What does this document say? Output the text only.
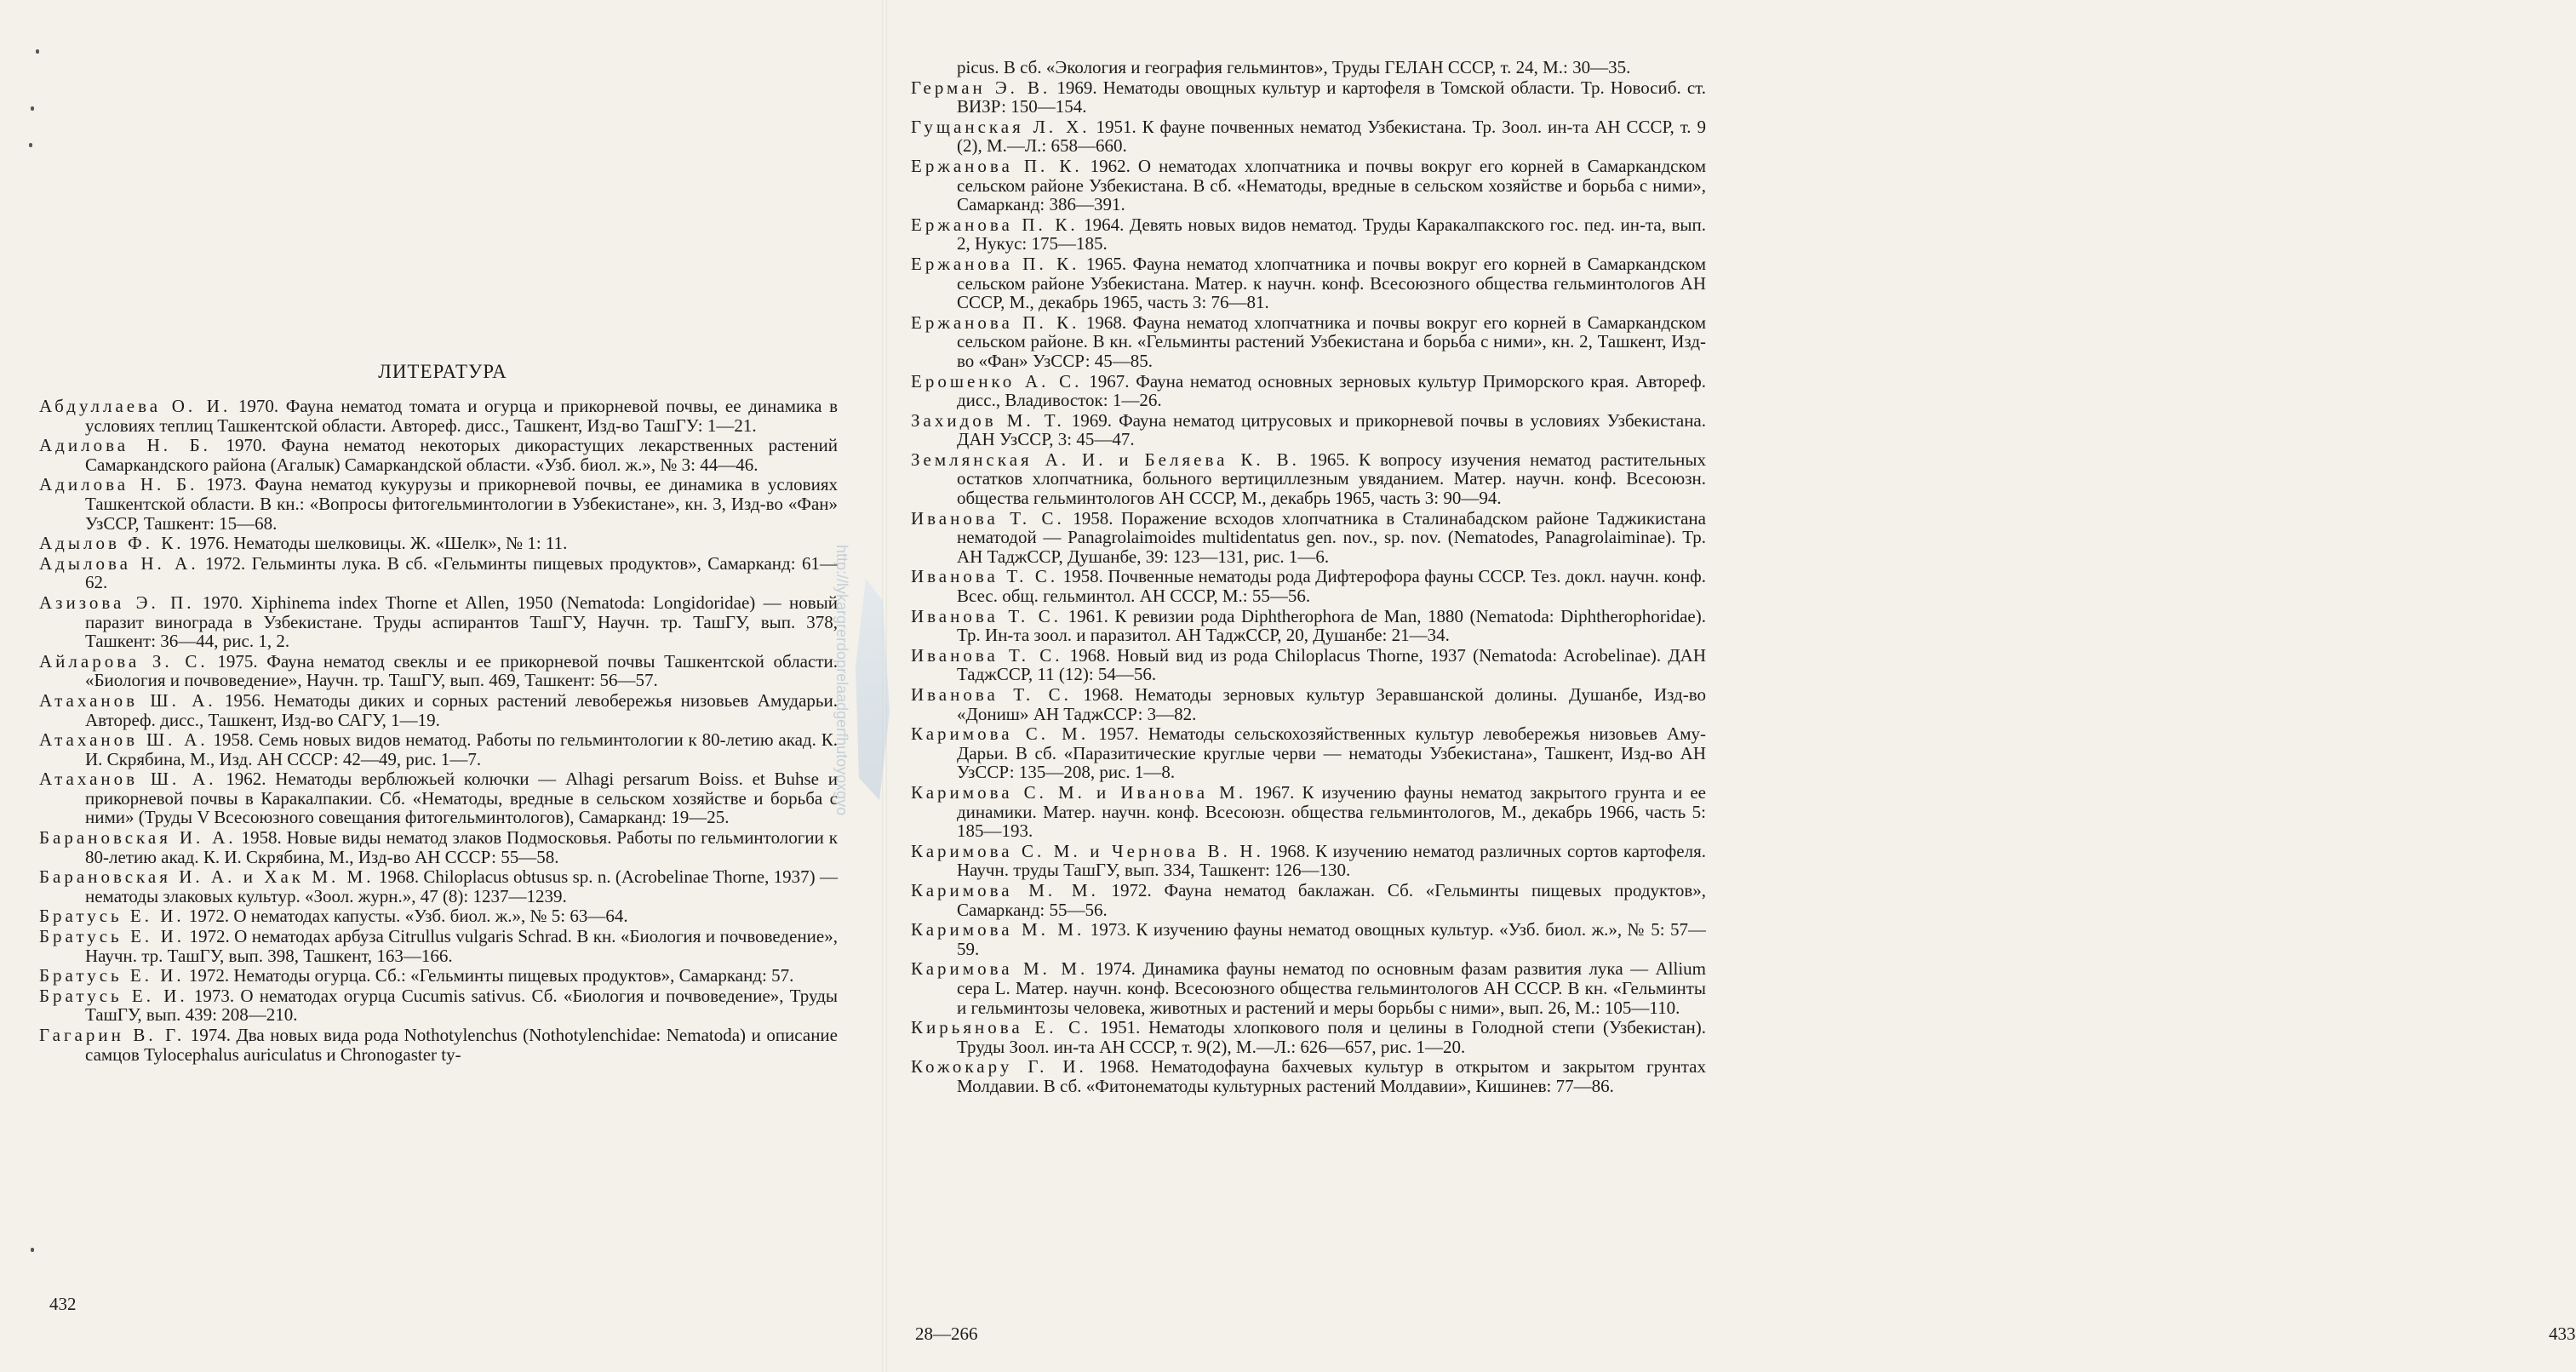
ЛИТЕРАТУРА

Абдуллаева О. И. 1970. Фауна нематод томата и огурца и прикорневой почвы, ее динамика в условиях теплиц Ташкентской области. Автореф. дисс., Ташкент, Изд-во ТашГУ: 1—21.

Адилова Н. Б. 1970. Фауна нематод некоторых дикорастущих лекарственных растений Самаркандского района (Агалык) Самаркандской области. «Узб. биол. ж.», № 3: 44—46.

Адилова Н. Б. 1973. Фауна нематод кукурузы и прикорневой почвы, ее динамика в условиях Ташкентской области. В кн.: «Вопросы фитогельминтологии в Узбекистане», кн. 3, Изд-во «Фан» УзССР, Ташкент: 15—68.

Адылов Ф. К. 1976. Нематоды шелковицы. Ж. «Шелк», № 1: 11.

Адылова Н. А. 1972. Гельминты лука. В сб. «Гельминты пищевых продуктов», Самарканд: 61—62.

Азизова Э. П. 1970. Xiphinema index Thorne et Allen, 1950 (Nematoda: Longidoridae) — новый паразит винограда в Узбекистане. Труды аспирантов ТашГУ, Научн. тр. ТашГУ, вып. 378, Ташкент: 36—44, рис. 1, 2.

Айларова З. С. 1975. Фауна нематод свеклы и ее прикорневой почвы Ташкентской области. «Биология и почвоведение», Научн. тр. ТашГУ, вып. 469, Ташкент: 56—57.

Атаханов Ш. А. 1956. Нематоды диких и сорных растений левобережья низовьев Амударьи. Автореф. дисс., Ташкент, Изд-во САГУ, 1—19.

Атаханов Ш. А. 1958. Семь новых видов нематод. Работы по гельминтологии к 80-летию акад. К. И. Скрябина, М., Изд. АН СССР: 42—49, рис. 1—7.

Атаханов Ш. А. 1962. Нематоды верблюжьей колючки — Alhagi persarum Boiss. et Buhse и прикорневой почвы в Каракалпакии. Сб. «Нематоды, вредные в сельском хозяйстве и борьба с ними» (Труды V Всесоюзного совещания фитогельминтологов), Самарканд: 19—25.

Барановская И. А. 1958. Новые виды нематод злаков Подмосковья. Работы по гельминтологии к 80-летию акад. К. И. Скрябина, М., Изд-во АН СССР: 55—58.

Барановская И. А. и Хак М. М. 1968. Chiloplacus obtusus sp. n. (Acrobelinae Thorne, 1937) — нематоды злаковых культур. «Зоол. журн.», 47 (8): 1237—1239.

Братусь Е. И. 1972. О нематодах капусты. «Узб. биол. ж.», № 5: 63—64.

Братусь Е. И. 1972. О нематодах арбуза Citrullus vulgaris Schrad. В кн. «Биология и почвоведение», Научн. тр. ТашГУ, вып. 398, Ташкент, 163—166.

Братусь Е. И. 1972. Нематоды огурца. Сб.: «Гельминты пищевых продуктов», Самарканд: 57.

Братусь Е. И. 1973. О нематодах огурца Cucumis sativus. Сб. «Биология и почвоведение», Труды ТашГУ, вып. 439: 208—210.

Гагарин В. Г. 1974. Два новых вида рода Nothotylenchus (Nothotylenchidae: Nematoda) и описание самцов Tylocephalus auriculatus и Chronogaster ty-

432
http://lykargrerdoprelaadgerfhutoyoxgyo
433

picus. В сб. «Экология и география гельминтов», Труды ГЕЛАН СССР, т. 24, М.: 30—35.

Герман Э. В. 1969. Нематоды овощных культур и картофеля в Томской области. Тр. Новосиб. ст. ВИЗР: 150—154.

Гущанская Л. Х. 1951. К фауне почвенных нематод Узбекистана. Тр. Зоол. ин-та АН СССР, т. 9 (2), М.—Л.: 658—660.

Ержанова П. К. 1962. О нематодах хлопчатника и почвы вокруг его корней в Самаркандском сельском районе Узбекистана. В сб. «Нематоды, вредные в сельском хозяйстве и борьба с ними», Самарканд: 386—391.

Ержанова П. К. 1964. Девять новых видов нематод. Труды Каракалпакского гос. пед. ин-та, вып. 2, Нукус: 175—185.

Ержанова П. К. 1965. Фауна нематод хлопчатника и почвы вокруг его корней в Самаркандском сельском районе Узбекистана. Матер. к научн. конф. Всесоюзного общества гельминтологов АН СССР, М., декабрь 1965, часть 3: 76—81.

Ержанова П. К. 1968. Фауна нематод хлопчатника и почвы вокруг его корней в Самаркандском сельском районе. В кн. «Гельминты растений Узбекистана и борьба с ними», кн. 2, Ташкент, Изд-во «Фан» УзССР: 45—85.

Ерошенко А. С. 1967. Фауна нематод основных зерновых культур Приморского края. Автореф. дисс., Владивосток: 1—26.

Захидов М. Т. 1969. Фауна нематод цитрусовых и прикорневой почвы в условиях Узбекистана. ДАН УзССР, 3: 45—47.

Землянская А. И. и Беляева К. В. 1965. К вопросу изучения нематод растительных остатков хлопчатника, больного вертициллезным увяданием. Матер. научн. конф. Всесоюзн. общества гельминтологов АН СССР, М., декабрь 1965, часть 3: 90—94.

Иванова Т. С. 1958. Поражение всходов хлопчатника в Сталинабадском районе Таджикистана нематодой — Panagrolaimoides multidentatus gen. nov., sp. nov. (Nematodes, Panagrolaiminae). Тр. АН ТаджССР, Душанбе, 39: 123—131, рис. 1—6.

Иванова Т. С. 1958. Почвенные нематоды рода Дифтерофора фауны СССР. Тез. докл. научн. конф. Всес. общ. гельминтол. АН СССР, М.: 55—56.

Иванова Т. С. 1961. К ревизии рода Diphtherophora de Man, 1880 (Nematoda: Diphtherophoridae). Тр. Ин-та зоол. и паразитол. АН ТаджССР, 20, Душанбе: 21—34.

Иванова Т. С. 1968. Новый вид из рода Chiloplacus Thorne, 1937 (Nematoda: Acrobelinae). ДАН ТаджССР, 11 (12): 54—56.

Иванова Т. С. 1968. Нематоды зерновых культур Зеравшанской долины. Душанбе, Изд-во «Дониш» АН ТаджССР: 3—82.

Каримова С. М. 1957. Нематоды сельскохозяйственных культур левобережья низовьев Аму-Дарьи. В сб. «Паразитические круглые черви — нематоды Узбекистана», Ташкент, Изд-во АН УзССР: 135—208, рис. 1—8.

Каримова С. М. и Иванова М. 1967. К изучению фауны нематод закрытого грунта и ее динамики. Матер. научн. конф. Всесоюзн. общества гельминтологов, М., декабрь 1966, часть 5: 185—193.

Каримова С. М. и Чернова В. Н. 1968. К изучению нематод различных сортов картофеля. Научн. труды ТашГУ, вып. 334, Ташкент: 126—130.

Каримова М. М. 1972. Фауна нематод баклажан. Сб. «Гельминты пищевых продуктов», Самарканд: 55—56.

Каримова М. М. 1973. К изучению фауны нематод овощных культур. «Узб. биол. ж.», № 5: 57—59.

Каримова М. М. 1974. Динамика фауны нематод по основным фазам развития лука — Allium cepa L. Матер. научн. конф. Всесоюзного общества гельминтологов АН СССР. В кн. «Гельминты и гельминтозы человека, животных и растений и меры борьбы с ними», вып. 26, М.: 105—110.

Кирьянова Е. С. 1951. Нематоды хлопкового поля и целины в Голодной степи (Узбекистан). Труды Зоол. ин-та АН СССР, т. 9(2), М.—Л.: 626—657, рис. 1—20.

Кожокару Г. И. 1968. Нематодофауна бахчевых культур в открытом и закрытом грунтах Молдавии. В сб. «Фитонематоды культурных растений Молдавии», Кишинев: 77—86.

28—266
